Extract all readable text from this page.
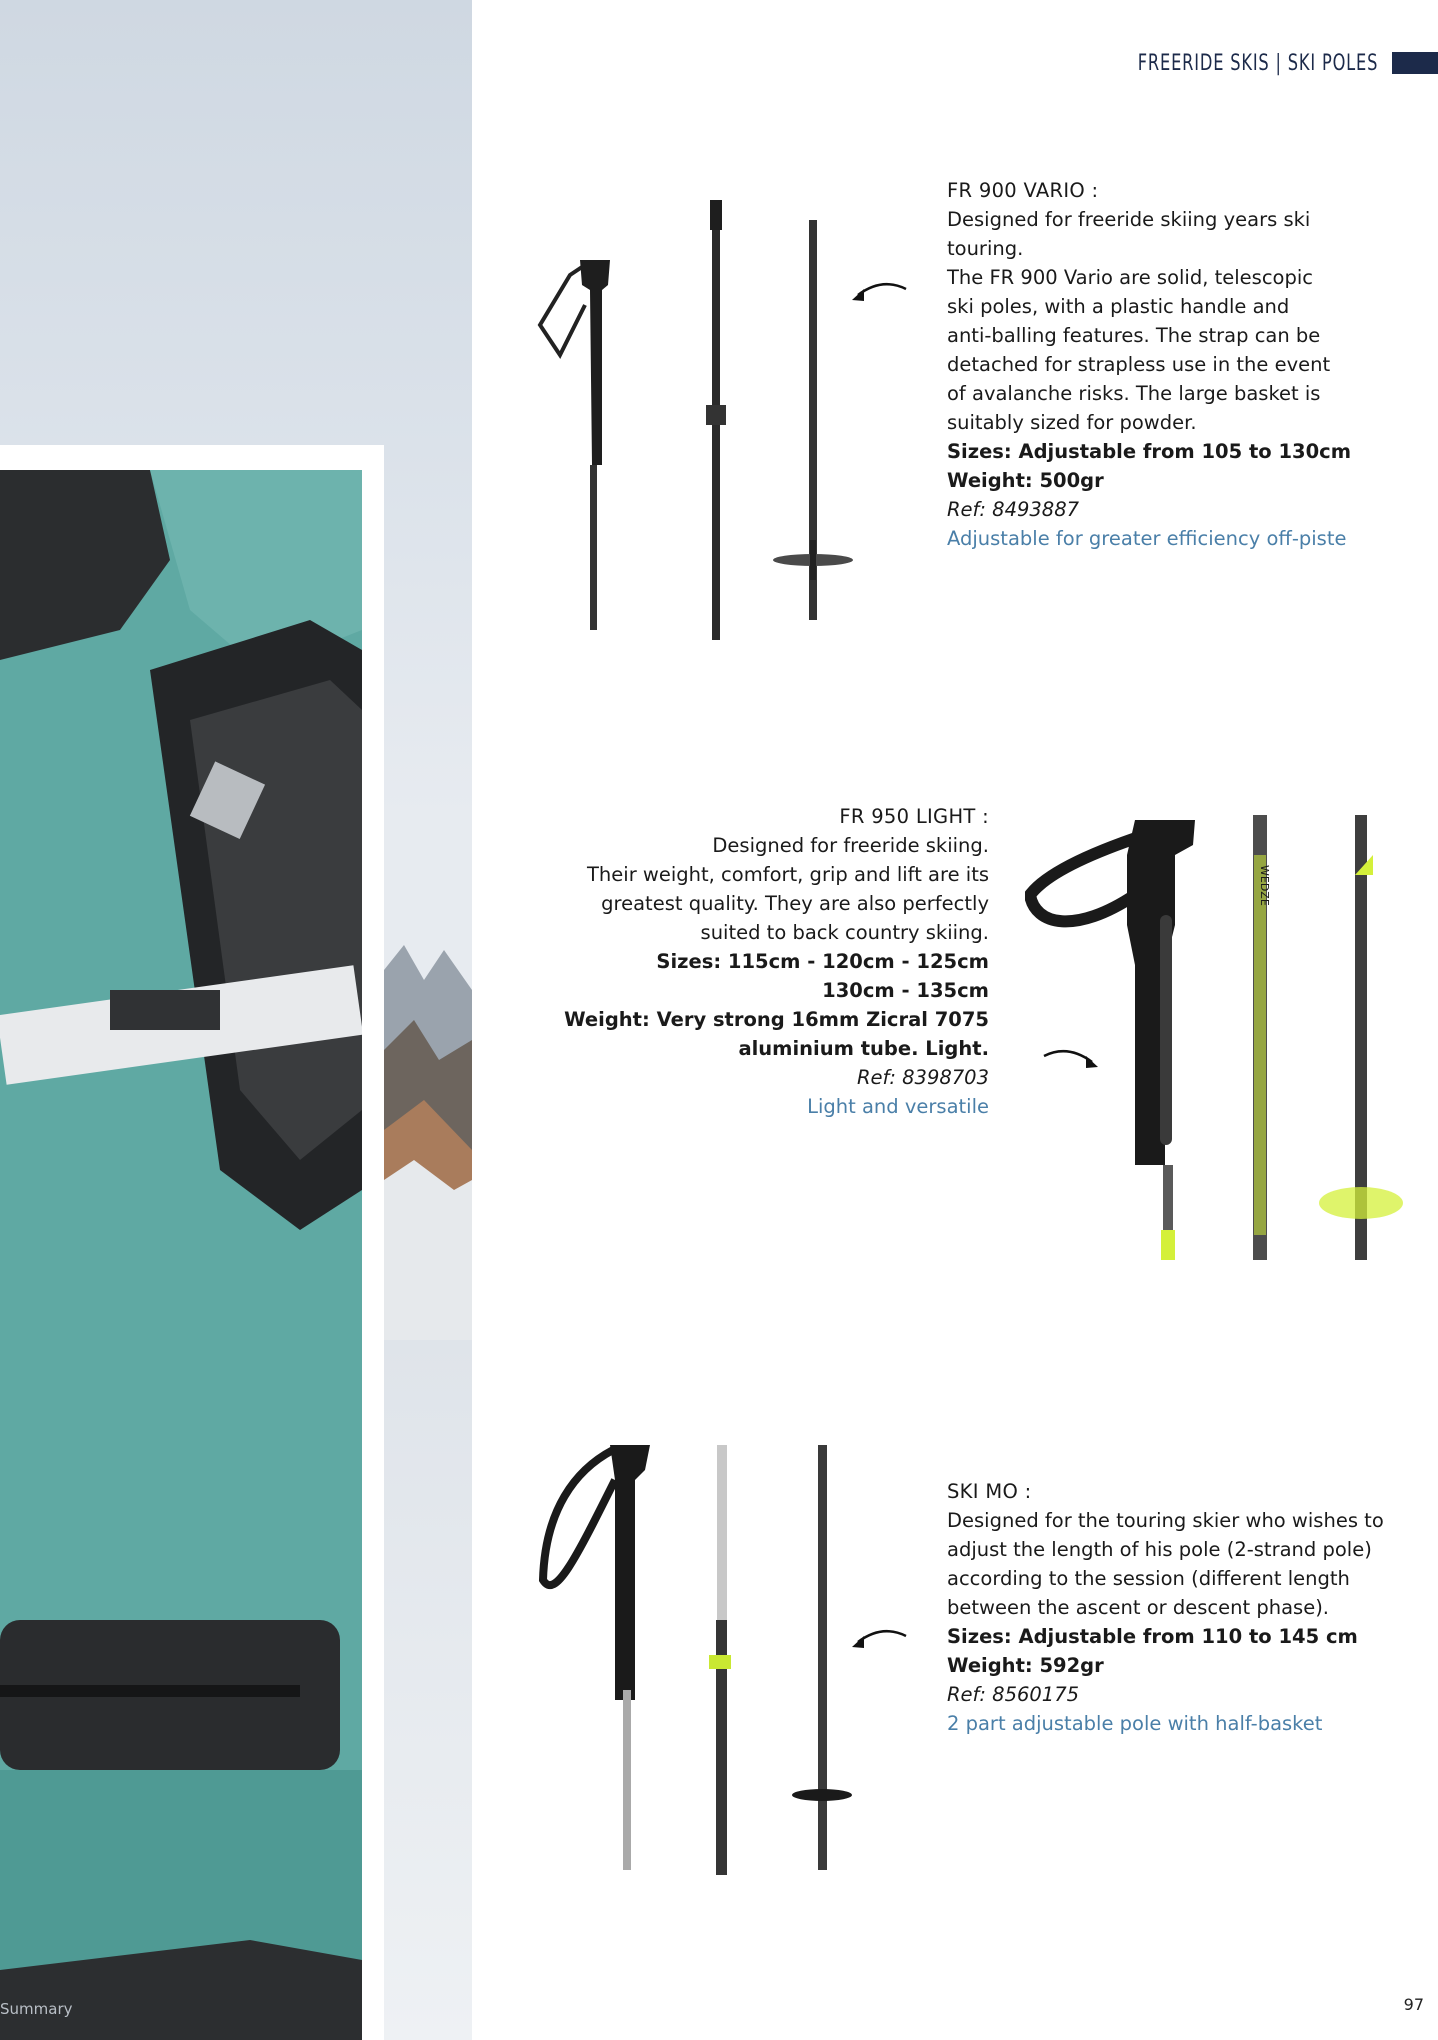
Summary
FREERIDE SKIS | SKI POLES

FR 900 VARIO :

Designed for freeride skiing years ski

touring.

The FR 900 Vario are solid, telescopic

ski poles, with a plastic handle and

anti-balling features. The strap can be

detached for strapless use in the event

of avalanche risks. The large basket is

suitably sized for powder.

Sizes: Adjustable from 105 to 130cm

Weight: 500gr

Ref: 8493887

Adjustable for greater efficiency off-piste

FR 950 LIGHT :

Designed for freeride skiing.

Their weight, comfort, grip and lift are its

greatest quality. They are also perfectly

suited to back country skiing.

Sizes: 115cm - 120cm - 125cm

130cm - 135cm

Weight: Very strong 16mm Zicral 7075

aluminium tube. Light.

Ref: 8398703

Light and versatile

WEDZE

SKI MO :

Designed for the touring skier who wishes to

adjust the length of his pole (2-strand pole)

according to the session (different length

between the ascent or descent phase).

Sizes: Adjustable from 110 to 145 cm

Weight: 592gr

Ref: 8560175

2 part adjustable pole with half-basket

97
